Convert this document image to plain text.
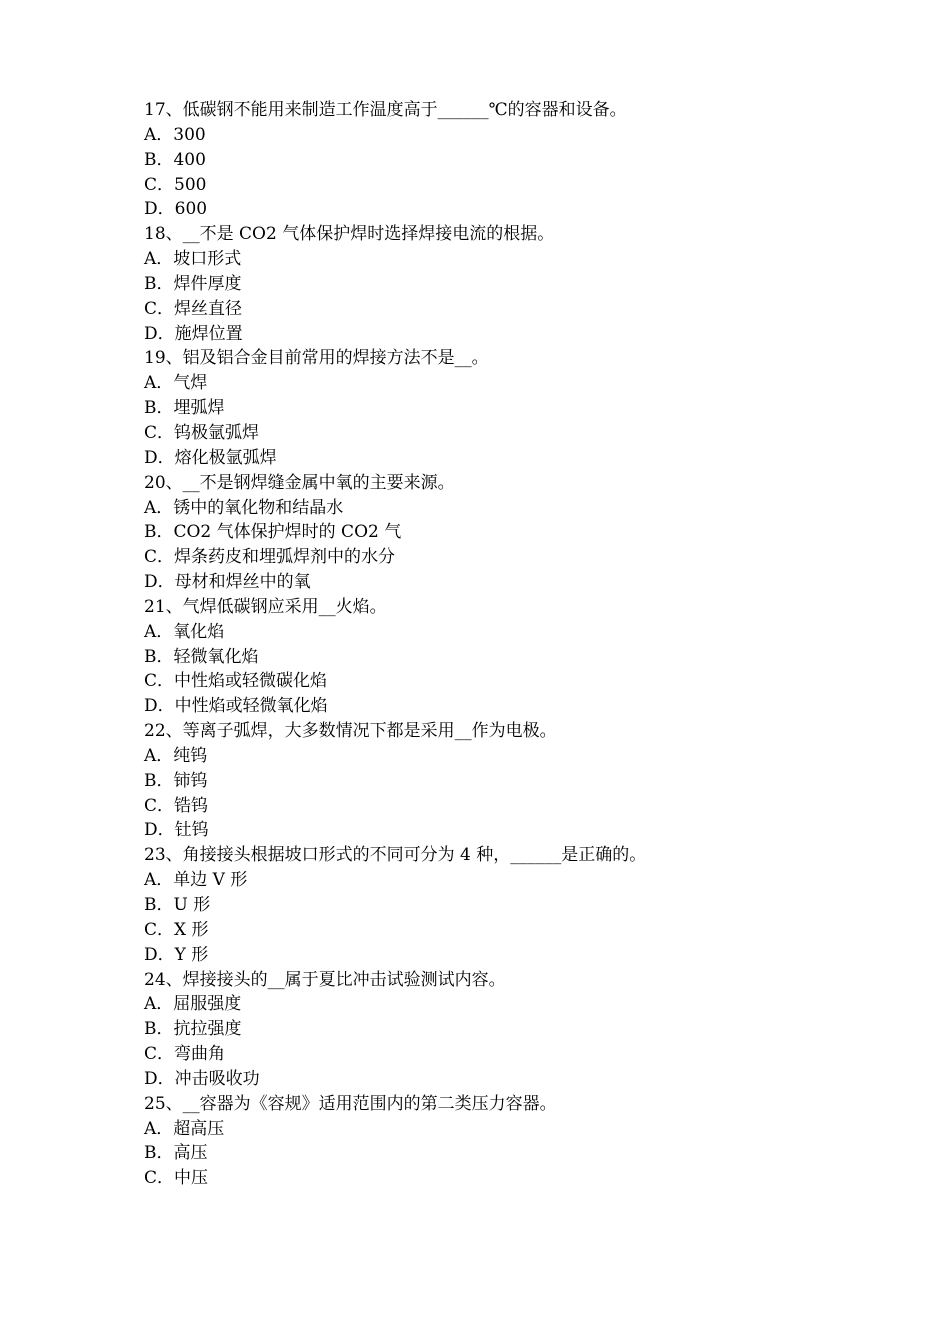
17、低碳钢不能用来制造工作温度高于______℃的容器和设备。
A．300
B．400
C．500
D．600
18、__不是 CO2 气体保护焊时选择焊接电流的根据。
A．坡口形式
B．焊件厚度
C．焊丝直径
D．施焊位置
19、铝及铝合金目前常用的焊接方法不是__。
A．气焊
B．埋弧焊
C．钨极氩弧焊
D．熔化极氩弧焊
20、__不是钢焊缝金属中氧的主要来源。
A．锈中的氧化物和结晶水
B．CO2 气体保护焊时的 CO2 气
C．焊条药皮和埋弧焊剂中的水分
D．母材和焊丝中的氧
21、气焊低碳钢应采用__火焰。
A．氧化焰
B．轻微氧化焰
C．中性焰或轻微碳化焰
D．中性焰或轻微氧化焰
22、等离子弧焊，大多数情况下都是采用__作为电极。
A．纯钨
B．铈钨
C．锆钨
D．钍钨
23、角接接头根据坡口形式的不同可分为 4 种，______是正确的。
A．单边 V 形
B．U 形
C．X 形
D．Y 形
24、焊接接头的__属于夏比冲击试验测试内容。
A．屈服强度
B．抗拉强度
C．弯曲角
D．冲击吸收功
25、__容器为《容规》适用范围内的第二类压力容器。
A．超高压
B．高压
C．中压
